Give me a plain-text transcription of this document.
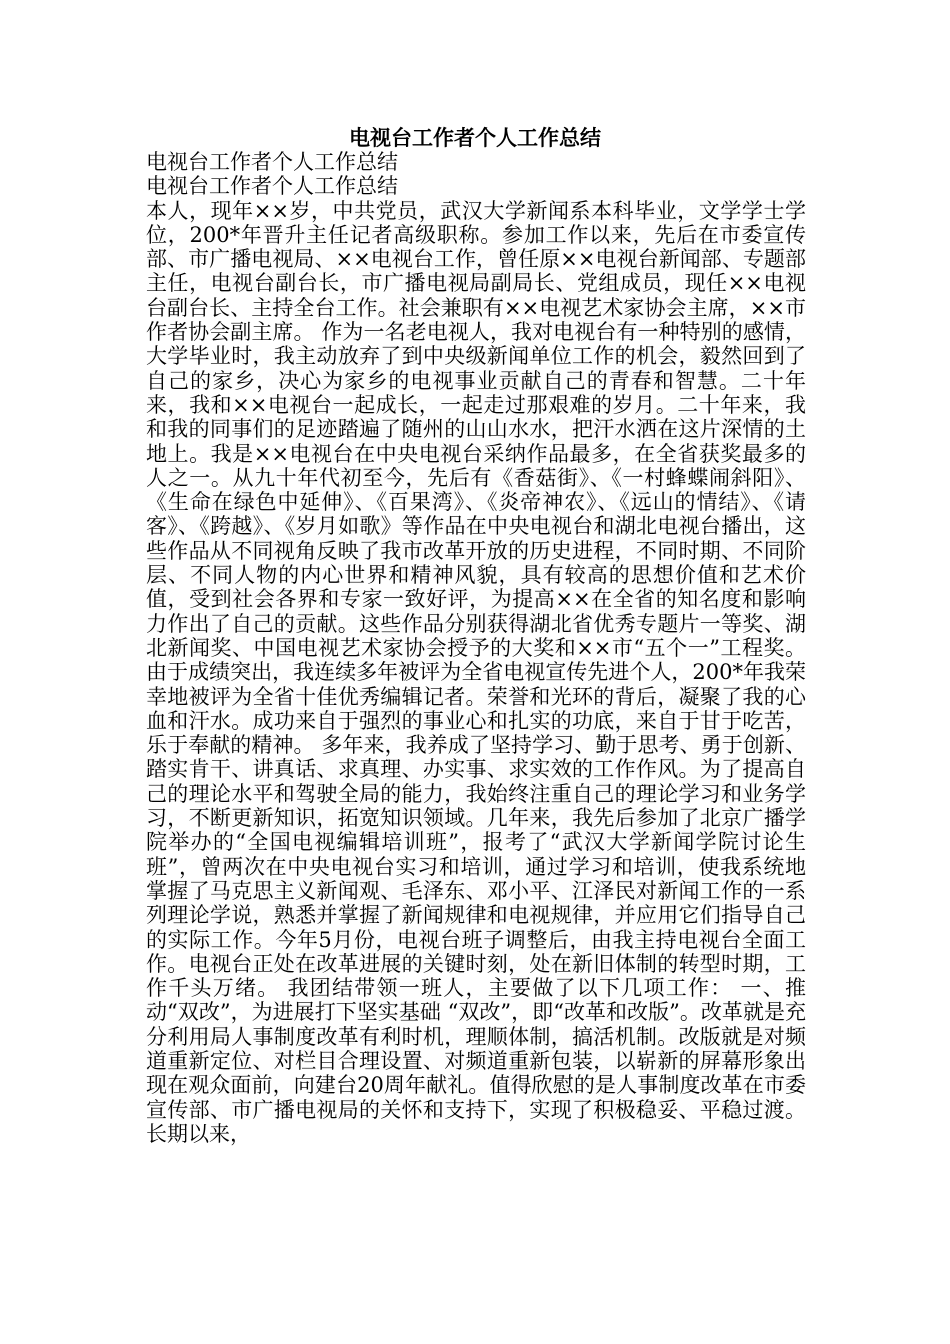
电视台工作者个人工作总结

电视台工作者个人工作总结

电视台工作者个人工作总结

本人，现年××岁，中共党员，武汉大学新闻系本科毕业，文学学士学位，200*年晋升主任记者高级职称。参加工作以来，先后在市委宣传部、市广播电视局、××电视台工作，曾任原××电视台新闻部、专题部主任，电视台副台长，市广播电视局副局长、党组成员，现任××电视台副台长、主持全台工作。社会兼职有××电视艺术家协会主席，××市作者协会副主席。 作为一名老电视人，我对电视台有一种特别的感情，大学毕业时，我主动放弃了到中央级新闻单位工作的机会，毅然回到了自己的家乡，决心为家乡的电视事业贡献自己的青春和智慧。二十年来，我和××电视台一起成长，一起走过那艰难的岁月。二十年来，我和我的同事们的足迹踏遍了随州的山山水水，把汗水洒在这片深情的土地上。我是××电视台在中央电视台采纳作品最多，在全省获奖最多的人之一。从九十年代初至今，先后有《香菇街》、《一村蜂蝶闹斜阳》、《生命在绿色中延伸》、《百果湾》、《炎帝神农》、《远山的情结》、《请客》、《跨越》、《岁月如歌》等作品在中央电视台和湖北电视台播出，这些作品从不同视角反映了我市改革开放的历史进程，不同时期、不同阶层、不同人物的内心世界和精神风貌，具有较高的思想价值和艺术价值，受到社会各界和专家一致好评，为提高××在全省的知名度和影响力作出了自己的贡献。这些作品分别获得湖北省优秀专题片一等奖、湖北新闻奖、中国电视艺术家协会授予的大奖和××市“五个一”工程奖。由于成绩突出，我连续多年被评为全省电视宣传先进个人，200*年我荣幸地被评为全省十佳优秀编辑记者。荣誉和光环的背后，凝聚了我的心血和汗水。成功来自于强烈的事业心和扎实的功底，来自于甘于吃苦，乐于奉献的精神。 多年来，我养成了坚持学习、勤于思考、勇于创新、踏实肯干、讲真话、求真理、办实事、求实效的工作作风。为了提高自己的理论水平和驾驶全局的能力，我始终注重自己的理论学习和业务学习，不断更新知识，拓宽知识领域。几年来，我先后参加了北京广播学院举办的“全国电视编辑培训班”，报考了“武汉大学新闻学院讨论生班”，曾两次在中央电视台实习和培训，通过学习和培训，使我系统地掌握了马克思主义新闻观、毛泽东、邓小平、江泽民对新闻工作的一系列理论学说，熟悉并掌握了新闻规律和电视规律，并应用它们指导自己的实际工作。今年5月份，电视台班子调整后，由我主持电视台全面工作。电视台正处在改革进展的关键时刻，处在新旧体制的转型时期，工作千头万绪。 我团结带领一班人，主要做了以下几项工作： 一、推动“双改”，为进展打下坚实基础 “双改”，即“改革和改版”。改革就是充分利用局人事制度改革有利时机，理顺体制，搞活机制。改版就是对频道重新定位、对栏目合理设置、对频道重新包装，以崭新的屏幕形象出现在观众面前，向建台20周年献礼。值得欣慰的是人事制度改革在市委宣传部、市广播电视局的关怀和支持下，实现了积极稳妥、平稳过渡。长期以来，
